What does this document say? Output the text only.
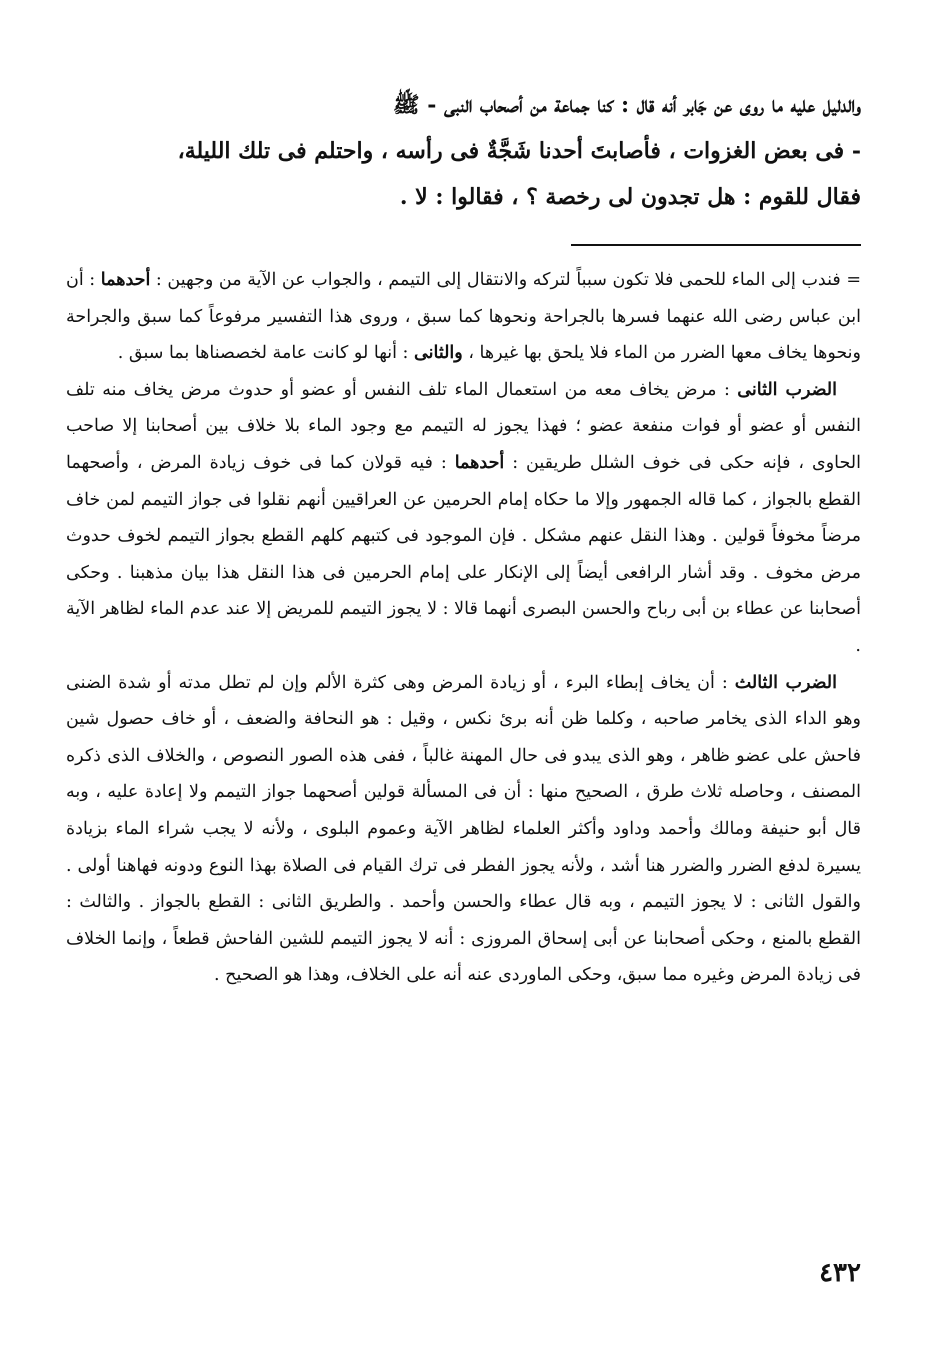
والدليل عليه ما روى عن جَابر أنه قال : كنا جماعة من أصحاب النبى - ﷺ

- فى بعض الغزوات ، فأصابتَ أحدنا شَجَّةٌ فى رأسه ، واحتلم فى تلك الليلة،

فقال للقوم : هل تجدون لى رخصة ؟ ، فقالوا : لا .

= فندب إلى الماء للحمى فلا تكون سبباً لتركه والانتقال إلى التيمم ، والجواب عن الآية من وجهين : أحدهما : أن ابن عباس رضى الله عنهما فسرها بالجراحة ونحوها كما سبق ، وروى هذا التفسير مرفوعاً كما سبق والجراحة ونحوها يخاف معها الضرر من الماء فلا يلحق بها غيرها ، والثانى : أنها لو كانت عامة لخصصناها بما سبق .

الضرب الثانى : مرض يخاف معه من استعمال الماء تلف النفس أو عضو أو حدوث مرض يخاف منه تلف النفس أو عضو أو فوات منفعة عضو ؛ فهذا يجوز له التيمم مع وجود الماء بلا خلاف بين أصحابنا إلا صاحب الحاوى ، فإنه حكى فى خوف الشلل طريقين : أحدهما : فيه قولان كما فى خوف زيادة المرض ، وأصحهما القطع بالجواز ، كما قاله الجمهور وإلا ما حكاه إمام الحرمين عن العراقيين أنهم نقلوا فى جواز التيمم لمن خاف مرضاً مخوفاً قولين . وهذا النقل عنهم مشكل . فإن الموجود فى كتبهم كلهم القطع بجواز التيمم لخوف حدوث مرض مخوف . وقد أشار الرافعى أيضاً إلى الإنكار على إمام الحرمين فى هذا النقل هذا بيان مذهبنا . وحكى أصحابنا عن عطاء بن أبى رباح والحسن البصرى أنهما قالا : لا يجوز التيمم للمريض إلا عند عدم الماء لظاهر الآية .

الضرب الثالث : أن يخاف إبطاء البرء ، أو زيادة المرض وهى كثرة الألم وإن لم تطل مدته أو شدة الضنى وهو الداء الذى يخامر صاحبه ، وكلما ظن أنه برئ نكس ، وقيل : هو النحافة والضعف ، أو خاف حصول شين فاحش على عضو ظاهر ، وهو الذى يبدو فى حال المهنة غالباً ، ففى هذه الصور النصوص ، والخلاف الذى ذكره المصنف ، وحاصله ثلاث طرق ، الصحيح منها : أن فى المسألة قولين أصحهما جواز التيمم ولا إعادة عليه ، وبه قال أبو حنيفة ومالك وأحمد وداود وأكثر العلماء لظاهر الآية وعموم البلوى ، ولأنه لا يجب شراء الماء بزيادة يسيرة لدفع الضرر والضرر هنا أشد ، ولأنه يجوز الفطر فى ترك القيام فى الصلاة بهذا النوع ودونه فهاهنا أولى . والقول الثانى : لا يجوز التيمم ، وبه قال عطاء والحسن وأحمد . والطريق الثانى : القطع بالجواز . والثالث : القطع بالمنع ، وحكى أصحابنا عن أبى إسحاق المروزى : أنه لا يجوز التيمم للشين الفاحش قطعاً ، وإنما الخلاف فى زيادة المرض وغيره مما سبق، وحكى الماوردى عنه أنه على الخلاف، وهذا هو الصحيح .

٤٣٢
